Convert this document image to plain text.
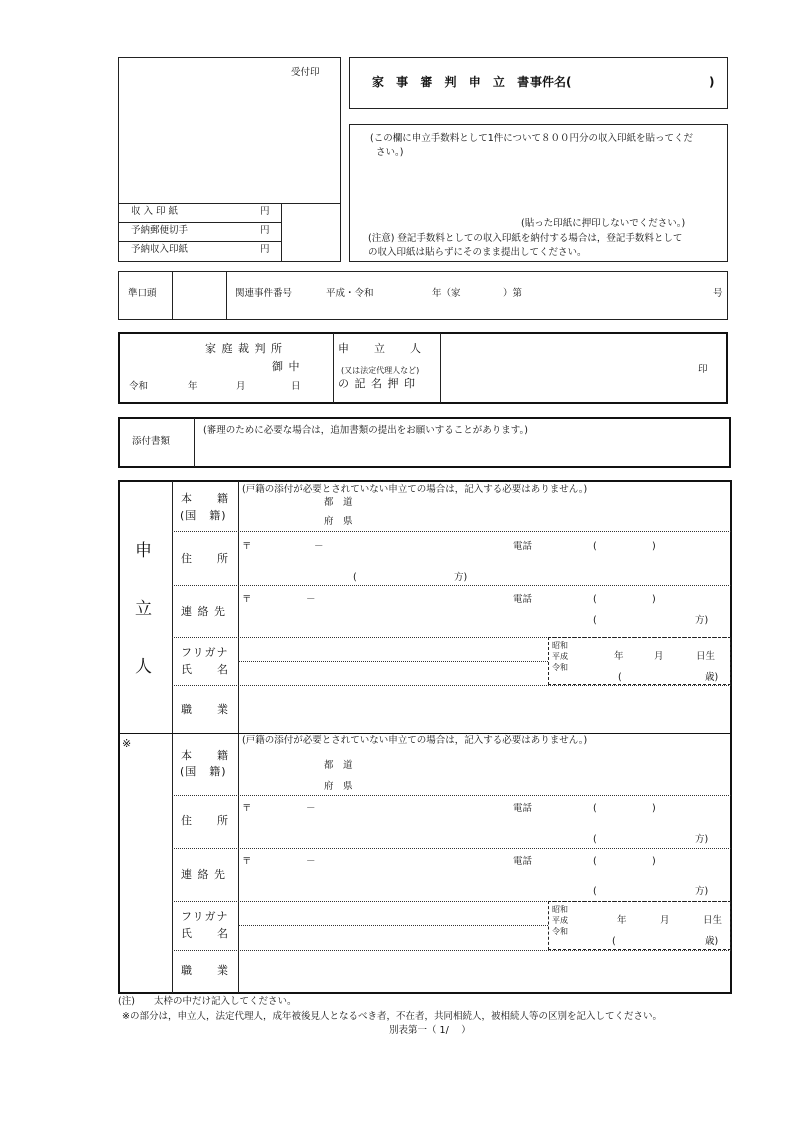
受付印
収 入 印 紙	円
予納郵便切手	円
予納収入印紙	円
家 事 審 判 申 立 書
事件名(	)
(この欄に申立手数料として1件について８００円分の収入印紙を貼ってくだ
さい。)
(貼った印紙に押印しないでください。)
(注意) 登記手数料としての収入印紙を納付する場合は，登記手数料として
の収入印紙は貼らずにそのまま提出してください。
準口頭	関連事件番号	平成・令和	年（家	）第	号
家 庭 裁 判 所
御 中
令和	年	月	日
申　　立　　人
(又は法定代理人など)
の 記 名 押 印
印
添付書類
(審理のために必要な場合は，追加書類の提出をお願いすることがあります。)
申
立
人
本　　籍
(国　籍)
(戸籍の添付が必要とされていない申立ての場合は，記入する必要はありません。)
都　道
府　県
住　　所
〒	－	電話	(	)
(	方)
連 絡 先
〒	－	電話	(	)
(	方)
フリガナ
氏　　名
昭和
平成
令和
年	月	日生
(	歳)
職　　業
※
本　　籍
(国　籍)
(戸籍の添付が必要とされていない申立ての場合は，記入する必要はありません。)
都　道
府　県
住　　所
〒	－	電話	(	)
(	方)
連 絡 先
〒	－	電話	(	)
(	方)
フリガナ
氏　　名
昭和
平成
令和
年	月	日生
(	歳)
職　　業
(注) 太枠の中だけ記入してください。
※の部分は，申立人，法定代理人，成年被後見人となるべき者，不在者，共同相続人，被相続人等の区別を記入してください。
別表第一（ 1/　 ）
